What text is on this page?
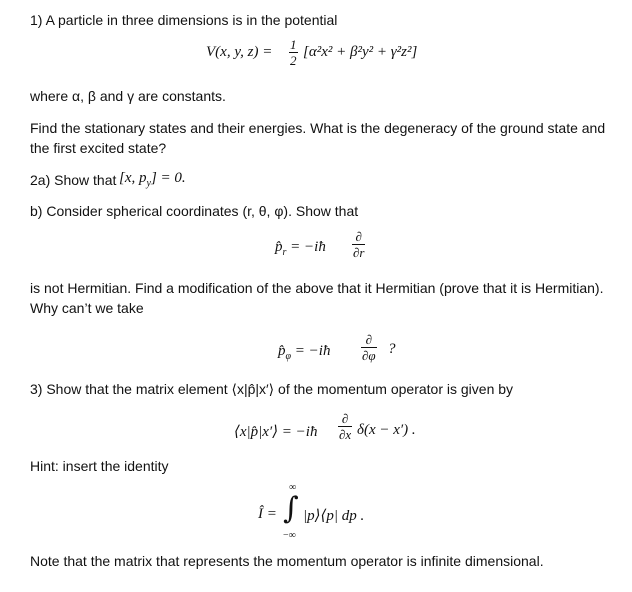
1) A particle in three dimensions is in the potential
V(x, y, z) = 1
2
[α²x² + β²y² + γ²z²]
where α, β and γ are constants.
Find the stationary states and their energies. What is the degeneracy of the ground state and
the first excited state?
2a) Show that [x, $p_y] = 0$.
b) Consider spherical coordinates (r, θ, φ). Show that
$p̂_r$ = −iħ
∂
∂r
is not Hermitian. Find a modification of the above that it Hermitian (prove that it is Hermitian).
Why can’t we take
$p̂_\varphi$ = −iħ
∂
∂φ ?
3) Show that the matrix element ⟨x|p̂|x′⟩ of the momentum operator is given by
⟨x|p̂|x′⟩ = −iħ
∂
∂x δ(x − x′) .
Hint: insert the identity
Î =
∞
∫
−∞
|p⟩⟨p| dp .
Note that the matrix that represents the momentum operator is infinite dimensional.
